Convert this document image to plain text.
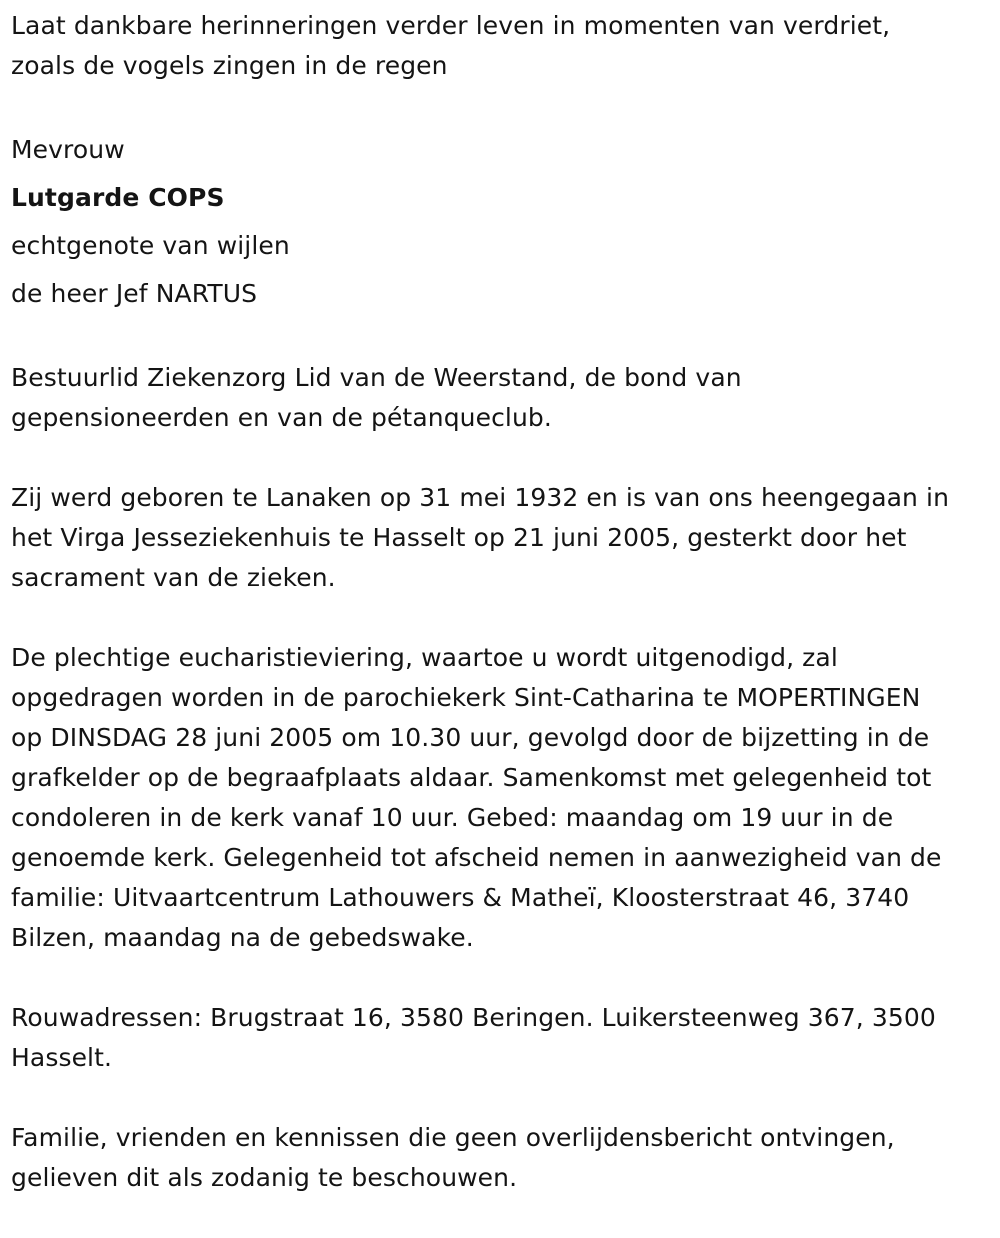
Laat dankbare herinneringen verder leven in momenten van verdriet,
zoals de vogels zingen in de regen

Mevrouw
Lutgarde COPS
echtgenote van wijlen
de heer Jef NARTUS

Bestuurlid Ziekenzorg Lid van de Weerstand, de bond van
gepensioneerden en van de pétanqueclub.

Zij werd geboren te Lanaken op 31 mei 1932 en is van ons heengegaan in
het Virga Jesseziekenhuis te Hasselt op 21 juni 2005, gesterkt door het
sacrament van de zieken.

De plechtige eucharistieviering, waartoe u wordt uitgenodigd, zal
opgedragen worden in de parochiekerk Sint-Catharina te MOPERTINGEN
op DINSDAG 28 juni 2005 om 10.30 uur, gevolgd door de bijzetting in de
grafkelder op de begraafplaats aldaar. Samenkomst met gelegenheid tot
condoleren in de kerk vanaf 10 uur. Gebed: maandag om 19 uur in de
genoemde kerk. Gelegenheid tot afscheid nemen in aanwezigheid van de
familie: Uitvaartcentrum Lathouwers & Matheï, Kloosterstraat 46, 3740
Bilzen, maandag na de gebedswake.

Rouwadressen: Brugstraat 16, 3580 Beringen. Luikersteenweg 367, 3500
Hasselt.

Familie, vrienden en kennissen die geen overlijdensbericht ontvingen,
gelieven dit als zodanig te beschouwen.
